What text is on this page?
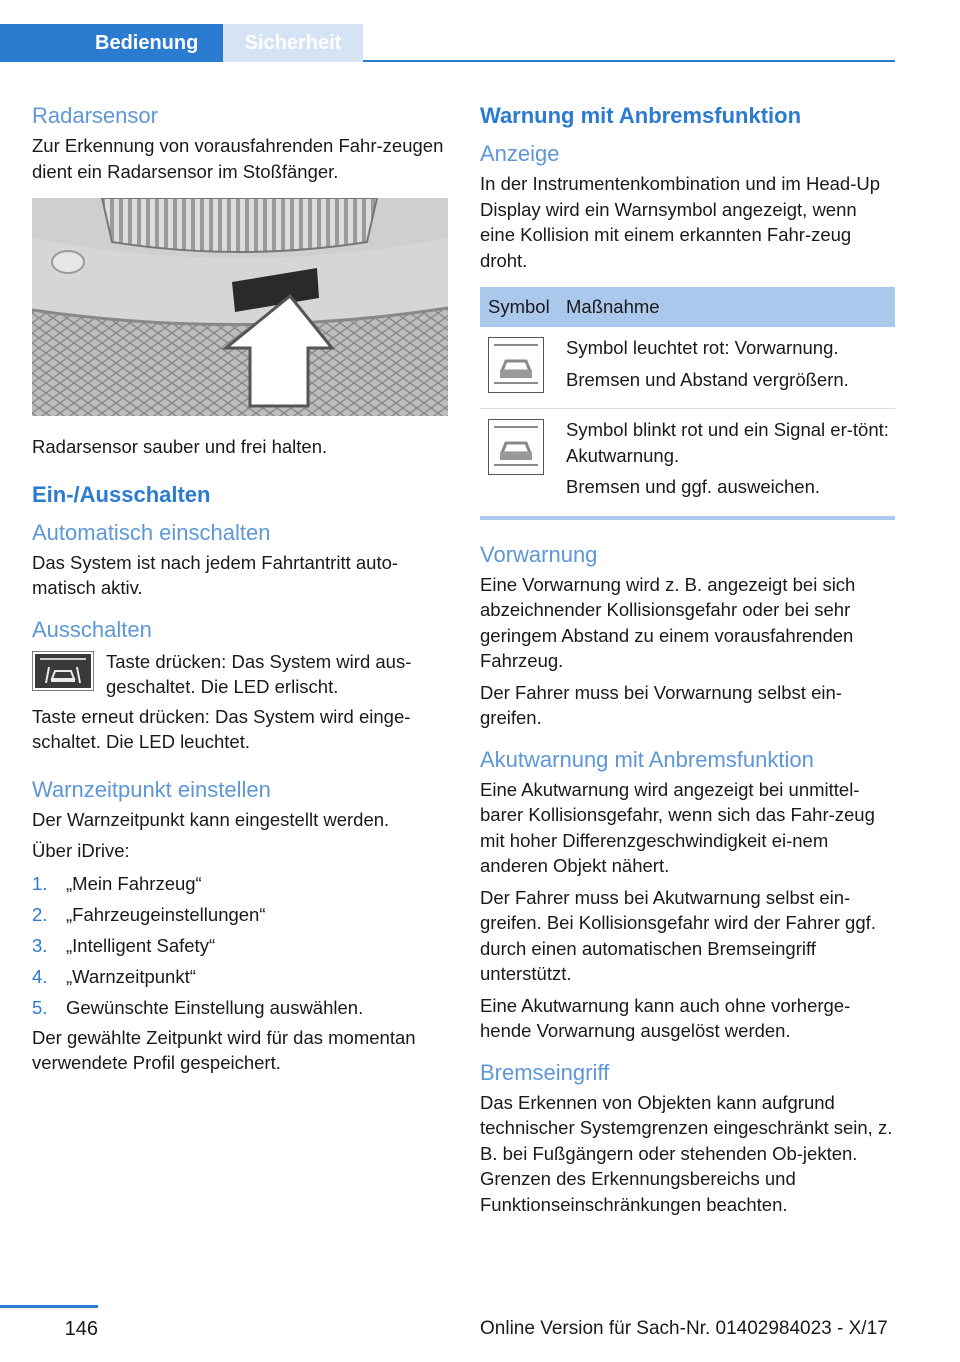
Bedienung	Sicherheit
Radarsensor
Zur Erkennung von vorausfahrenden Fahr-zeugen dient ein Radarsensor im Stoßfänger.
Radarsensor sauber und frei halten.
Ein-/Ausschalten
Automatisch einschalten
Das System ist nach jedem Fahrtantritt auto-matisch aktiv.
Ausschalten
Taste drücken: Das System wird aus-geschaltet. Die LED erlischt.
Taste erneut drücken: Das System wird einge-schaltet. Die LED leuchtet.
Warnzeitpunkt einstellen
Der Warnzeitpunkt kann eingestellt werden.
Über iDrive:
1.	„Mein Fahrzeug“
2.	„Fahrzeugeinstellungen“
3.	„Intelligent Safety“
4.	„Warnzeitpunkt“
5.	Gewünschte Einstellung auswählen.
Der gewählte Zeitpunkt wird für das momentan verwendete Profil gespeichert.
Warnung mit Anbremsfunktion
Anzeige
In der Instrumentenkombination und im Head-Up Display wird ein Warnsymbol angezeigt, wenn eine Kollision mit einem erkannten Fahr-zeug droht.
Symbol Maßnahme
Symbol leuchtet rot: Vorwarnung.
Bremsen und Abstand vergrößern.
Symbol blinkt rot und ein Signal er-tönt: Akutwarnung.
Bremsen und ggf. ausweichen.
Vorwarnung
Eine Vorwarnung wird z. B. angezeigt bei sich abzeichnender Kollisionsgefahr oder bei sehr geringem Abstand zu einem vorausfahrenden Fahrzeug.
Der Fahrer muss bei Vorwarnung selbst ein-greifen.
Akutwarnung mit Anbremsfunktion
Eine Akutwarnung wird angezeigt bei unmittel-barer Kollisionsgefahr, wenn sich das Fahr-zeug mit hoher Differenzgeschwindigkeit ei-nem anderen Objekt nähert.
Der Fahrer muss bei Akutwarnung selbst ein-greifen. Bei Kollisionsgefahr wird der Fahrer ggf. durch einen automatischen Bremseingriff unterstützt.
Eine Akutwarnung kann auch ohne vorherge-hende Vorwarnung ausgelöst werden.
Bremseingriff
Das Erkennen von Objekten kann aufgrund technischer Systemgrenzen eingeschränkt sein, z. B. bei Fußgängern oder stehenden Ob-jekten. Grenzen des Erkennungsbereichs und Funktionseinschränkungen beachten.
146	Online Version für Sach-Nr. 01402984023 - X/17
